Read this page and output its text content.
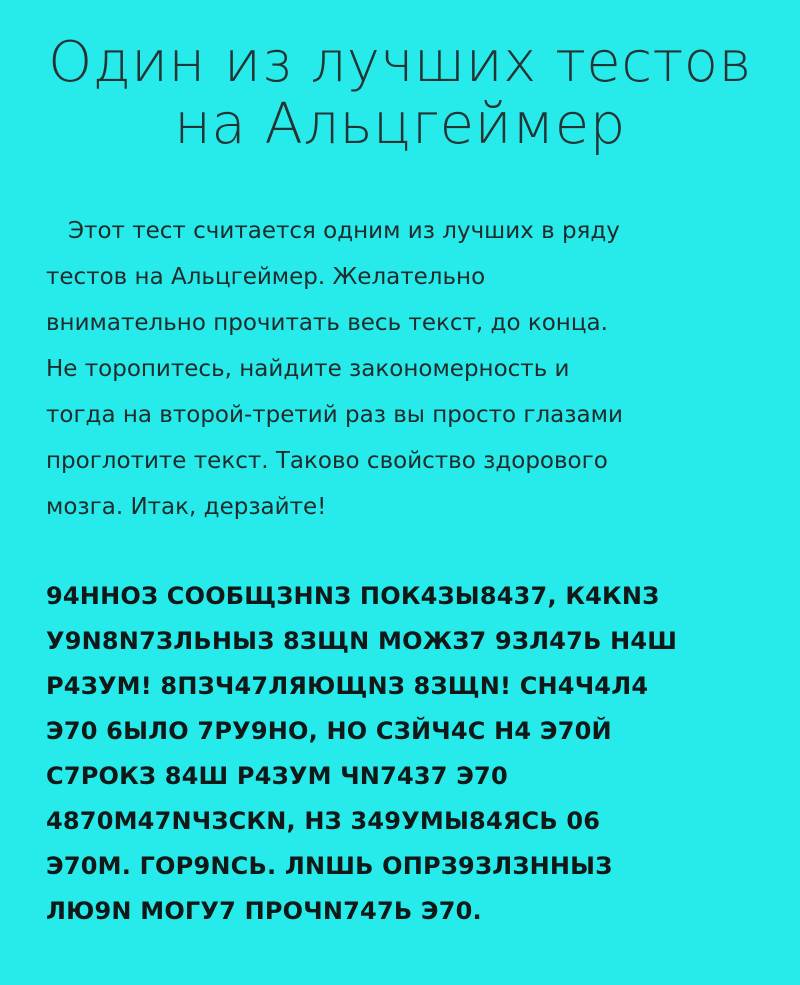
Один из лучших тестов
на Альцгеймер
Этот тест считается одним из лучших в ряду
тестов на Альцгеймер. Желательно
внимательно прочитать весь текст, до конца.
Не торопитесь, найдите закономерность и
тогда на второй-третий раз вы просто глазами
проглотите текст. Таково свойство здорового
мозга. Итак, дерзайте!
94ННОЗ СООБЩЗНNЗ ПОК4ЗЫ8437, К4КNЗ
У9N8N7ЗЛЬНЫЗ 8ЗЩN МОЖЗ7 9ЗЛ47Ь Н4Ш
Р4ЗУМ! 8ПЗЧ47ЛЯЮЩNЗ 8ЗЩN! СН4Ч4Л4
Э70 6ЫЛО 7РУ9НО, НО СЗЙЧ4С Н4 Э70Й
С7РОКЗ 84Ш Р4ЗУМ ЧN7437 Э70
4870М47NЧЗСКN, НЗ 349УМЫ84ЯСЬ 06
Э70М. ГОР9NСЬ. ЛNШЬ ОПРЗ9ЗЛЗННЫЗ
ЛЮ9N МОГУ7 ПРОЧN747Ь Э70.
